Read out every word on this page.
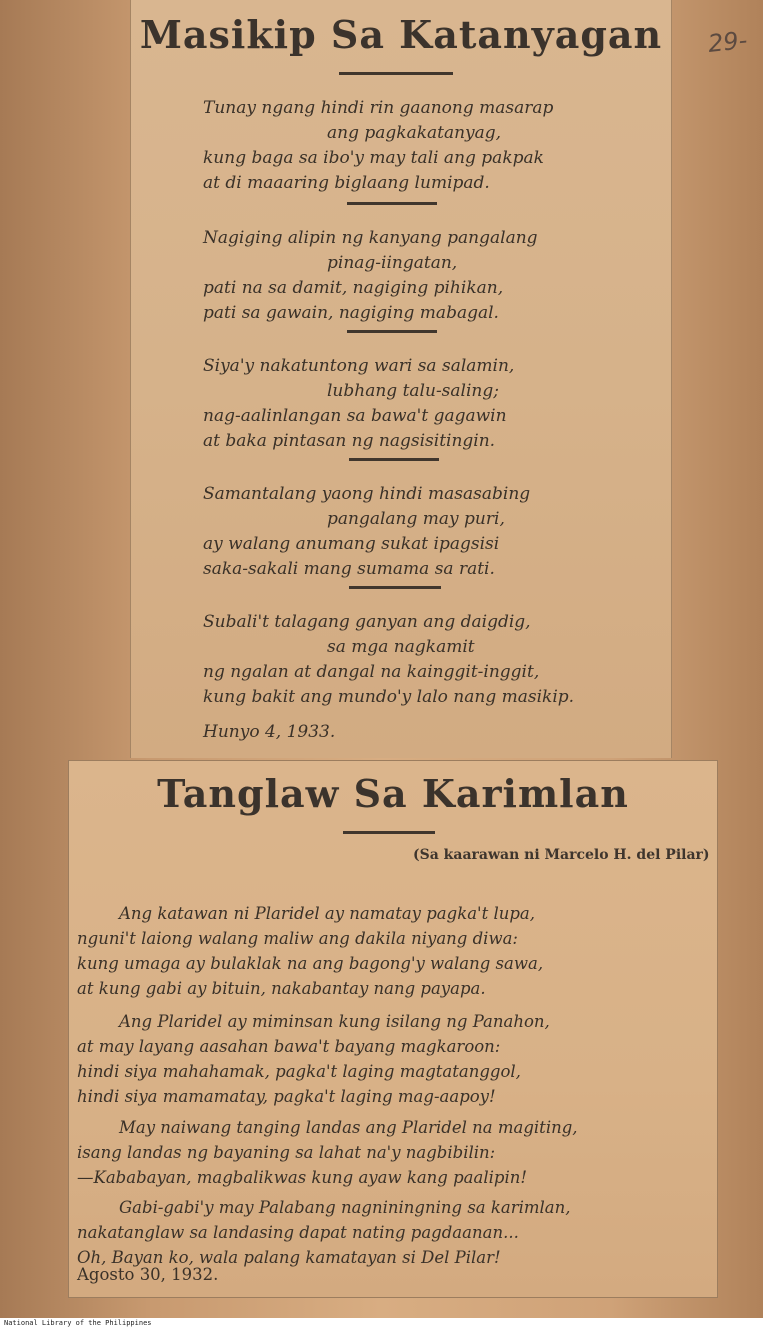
29-
Masikip Sa Katanyagan
Tunay ngang hindi rin gaanong masarap
ang pagkakatanyag,
kung baga sa ibo'y may tali ang pakpak
at di maaaring biglaang lumipad.
Nagiging alipin ng kanyang pangalang
pinag-iingatan,
pati na sa damit, nagiging pihikan,
pati sa gawain, nagiging mabagal.
Siya'y nakatuntong wari sa salamin,
lubhang talu-saling;
nag-aalinlangan sa bawa't gagawin
at baka pintasan ng nagsisitingin.
Samantalang yaong hindi masasabing
pangalang may puri,
ay walang anumang sukat ipagsisi
saka-sakali mang sumama sa rati.
Subali't talagang ganyan ang daigdig,
sa mga nagkamit
ng ngalan at dangal na kainggit-inggit,
kung bakit ang mundo'y lalo nang masikip.
Hunyo 4, 1933.
Tanglaw Sa Karimlan
(Sa kaarawan ni Marcelo H. del Pilar)
Ang katawan ni Plaridel ay namatay pagka't lupa,
nguni't laiong walang maliw ang dakila niyang diwa:
kung umaga ay bulaklak na ang bagong'y walang sawa,
at kung gabi ay bituin, nakabantay nang payapa.
Ang Plaridel ay miminsan kung isilang ng Panahon,
at may layang aasahan bawa't bayang magkaroon:
hindi siya mahahamak, pagka't laging magtatanggol,
hindi siya mamamatay, pagka't laging mag-aapoy!
May naiwang tanging landas ang Plaridel na magiting,
isang landas ng bayaning sa lahat na'y nagbibilin:
—Kababayan, magbalikwas kung ayaw kang paalipin!
Gabi-gabi'y may Palabang nagniningning sa karimlan,
nakatanglaw sa landasing dapat nating pagdaanan...
Oh, Bayan ko, wala palang kamatayan si Del Pilar!
Agosto 30, 1932.
National Library of the Philippines
